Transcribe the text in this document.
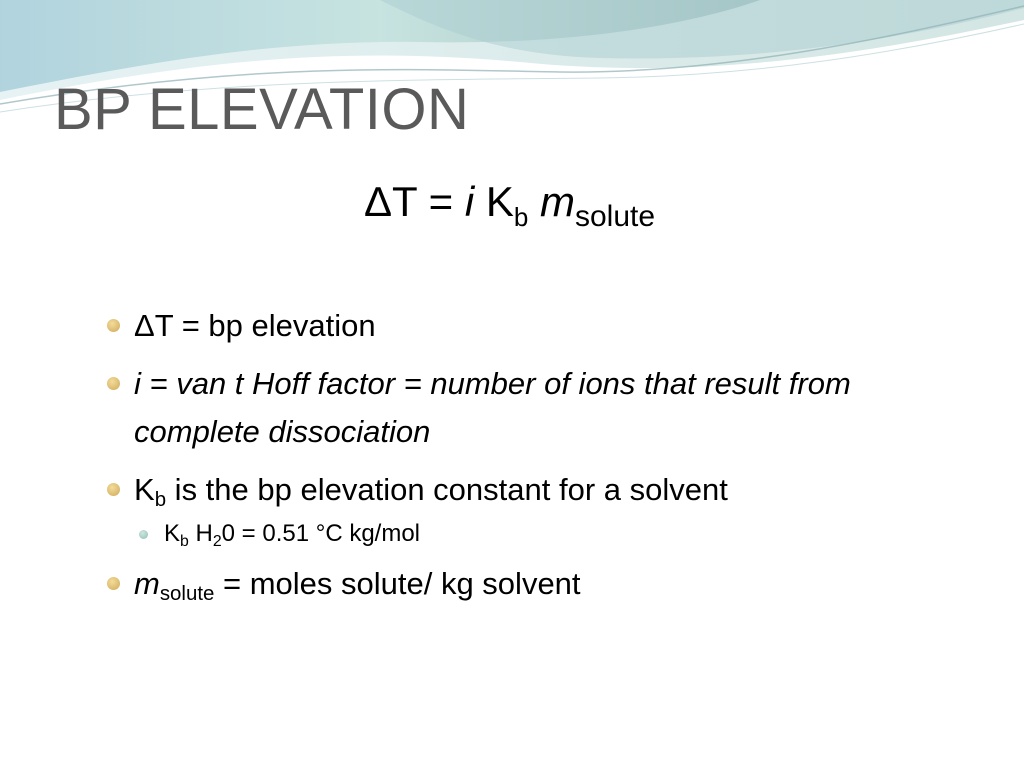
BP ELEVATION
ΔT = i $K_b$ $m_{solute}$
ΔT = bp elevation
i = van t Hoff factor = number of ions that result from complete dissociation
$K_b$ is the bp elevation constant for a solvent
$K_b$ $H_20 = 0.51$ °C kg/mol
$m_{solute}$ = moles solute/ kg solvent
